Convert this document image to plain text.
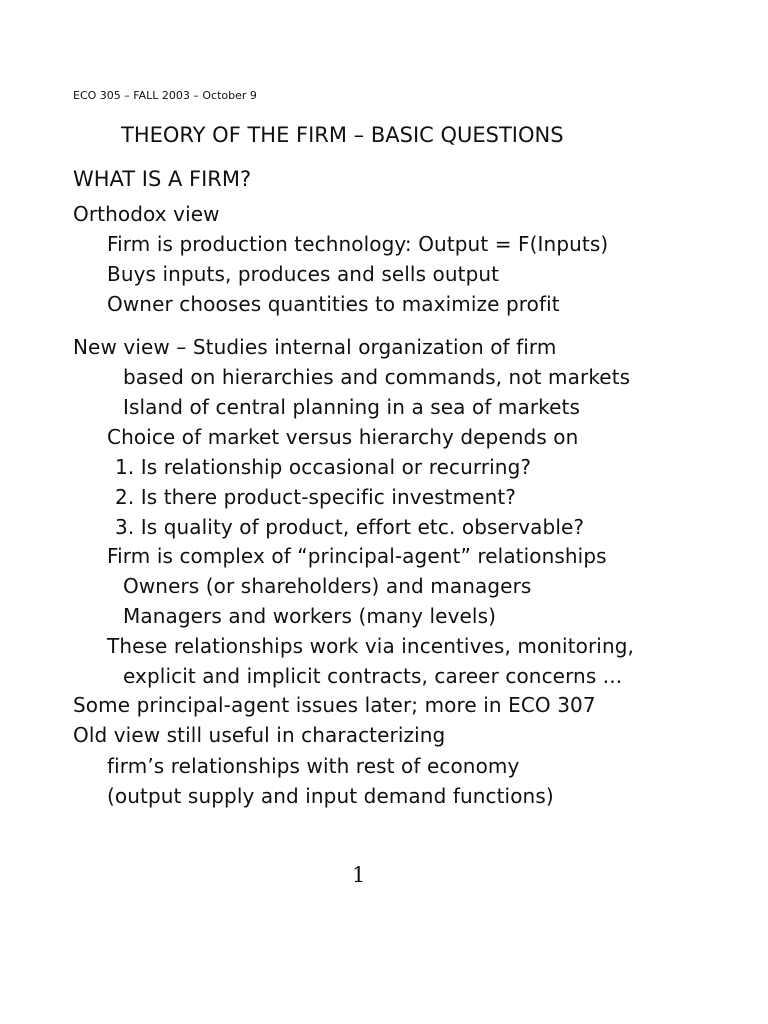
ECO 305 – FALL 2003 – October 9
THEORY OF THE FIRM – BASIC QUESTIONS
WHAT IS A FIRM?
Orthodox view
Firm is production technology: Output = F(Inputs)
Buys inputs, produces and sells output
Owner chooses quantities to maximize profit
New view – Studies internal organization of firm
based on hierarchies and commands, not markets
Island of central planning in a sea of markets
Choice of market versus hierarchy depends on
1. Is relationship occasional or recurring?
2. Is there product-specific investment?
3. Is quality of product, effort etc. observable?
Firm is complex of “principal-agent” relationships
Owners (or shareholders) and managers
Managers and workers (many levels)
These relationships work via incentives, monitoring,
explicit and implicit contracts, career concerns ...
Some principal-agent issues later; more in ECO 307
Old view still useful in characterizing
firm’s relationships with rest of economy
(output supply and input demand functions)
1
